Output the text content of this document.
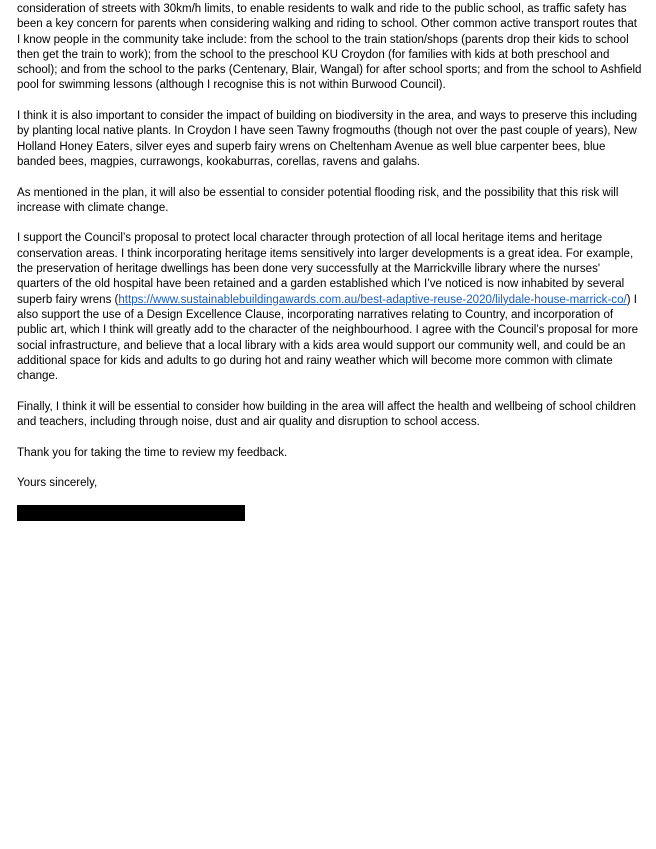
consideration of streets with 30km/h limits, to enable residents to walk and ride to the public school, as traffic safety has been a key concern for parents when considering walking and riding to school. Other common active transport routes that I know people in the community take include: from the school to the train station/shops (parents drop their kids to school then get the train to work); from the school to the preschool KU Croydon (for families with kids at both preschool and school); and from the school to the parks (Centenary, Blair, Wangal) for after school sports; and from the school to Ashfield pool for swimming lessons (although I recognise this is not within Burwood Council).

I think it is also important to consider the impact of building on biodiversity in the area, and ways to preserve this including by planting local native plants. In Croydon I have seen Tawny frogmouths (though not over the past couple of years), New Holland Honey Eaters, silver eyes and superb fairy wrens on Cheltenham Avenue as well blue carpenter bees, blue banded bees, magpies, currawongs, kookaburras, corellas, ravens and galahs.

As mentioned in the plan, it will also be essential to consider potential flooding risk, and the possibility that this risk will increase with climate change.

I support the Council’s proposal to protect local character through protection of all local heritage items and heritage conservation areas. I think incorporating heritage items sensitively into larger developments is a great idea. For example, the preservation of heritage dwellings has been done very successfully at the Marrickville library where the nurses' quarters of the old hospital have been retained and a garden established which I’ve noticed is now inhabited by several superb fairy wrens (https://www.sustainablebuildingawards.com.au/best-adaptive-reuse-2020/lilydale-house-marrick-co/) I also support the use of a Design Excellence Clause, incorporating narratives relating to Country, and incorporation of public art, which I think will greatly add to the character of the neighbourhood. I agree with the Council’s proposal for more social infrastructure, and believe that a local library with a kids area would support our community well, and could be an additional space for kids and adults to go during hot and rainy weather which will become more common with climate change.

Finally, I think it will be essential to consider how building in the area will affect the health and wellbeing of school children and teachers, including through noise, dust and air quality and disruption to school access.

Thank you for taking the time to review my feedback.

Yours sincerely,
